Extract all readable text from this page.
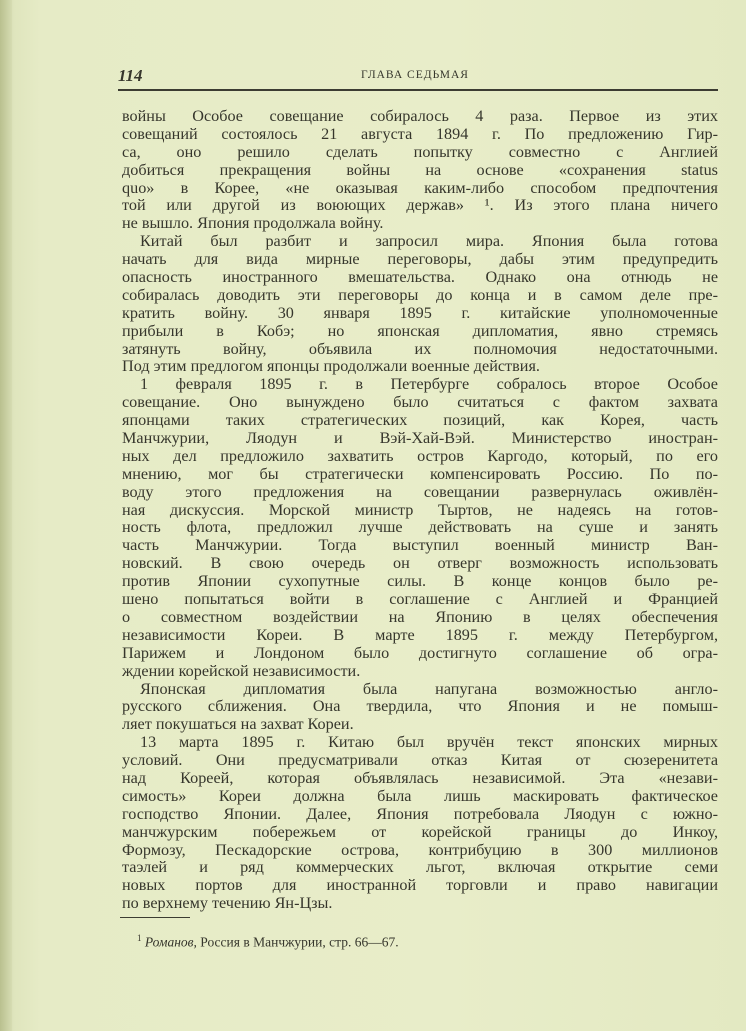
114	ГЛАВА СЕДЬМАЯ
войны Особое совещание собиралось 4 раза. Первое из этих
совещаний состоялось 21 августа 1894 г. По предложению Гир-
са, оно решило сделать попытку совместно с Англией
добиться прекращения войны на основе «сохранения status
quo» в Корее, «не оказывая каким-либо способом предпочтения
той или другой из воюющих держав» ¹. Из этого плана ничего
не вышло. Япония продолжала войну.
Китай был разбит и запросил мира. Япония была готова
начать для вида мирные переговоры, дабы этим предупредить
опасность иностранного вмешательства. Однако она отнюдь не
собиралась доводить эти переговоры до конца и в самом деле пре-
кратить войну. 30 января 1895 г. китайские уполномоченные
прибыли в Кобэ; но японская дипломатия, явно стремясь
затянуть войну, объявила их полномочия недостаточными.
Под этим предлогом японцы продолжали военные действия.
1 февраля 1895 г. в Петербурге собралось второе Особое
совещание. Оно вынуждено было считаться с фактом захвата
японцами таких стратегических позиций, как Корея, часть
Манчжурии, Ляодун и Вэй-Хай-Вэй. Министерство иностран-
ных дел предложило захватить остров Каргодо, который, по его
мнению, мог бы стратегически компенсировать Россию. По по-
воду этого предложения на совещании развернулась оживлён-
ная дискуссия. Морской министр Тыртов, не надеясь на готов-
ность флота, предложил лучше действовать на суше и занять
часть Манчжурии. Тогда выступил военный министр Ван-
новский. В свою очередь он отверг возможность использовать
против Японии сухопутные силы. В конце концов было ре-
шено попытаться войти в соглашение с Англией и Францией
о совместном воздействии на Японию в целях обеспечения
независимости Кореи. В марте 1895 г. между Петербургом,
Парижем и Лондоном было достигнуто соглашение об огра-
ждении корейской независимости.
Японская дипломатия была напугана возможностью англо-
русского сближения. Она твердила, что Япония и не помыш-
ляет покушаться на захват Кореи.
13 марта 1895 г. Китаю был вручён текст японских мирных
условий. Они предусматривали отказ Китая от сюзеренитета
над Кореей, которая объявлялась независимой. Эта «незави-
симость» Кореи должна была лишь маскировать фактическое
господство Японии. Далее, Япония потребовала Ляодун с южно-
манчжурским побережьем от корейской границы до Инкоу,
Формозу, Пескадорские острова, контрибуцию в 300 миллионов
таэлей и ряд коммерческих льгот, включая открытие семи
новых портов для иностранной торговли и право навигации
по верхнему течению Ян-Цзы.
$^1$ Романов, Россия в Манчжурии, стр. 66—67.
